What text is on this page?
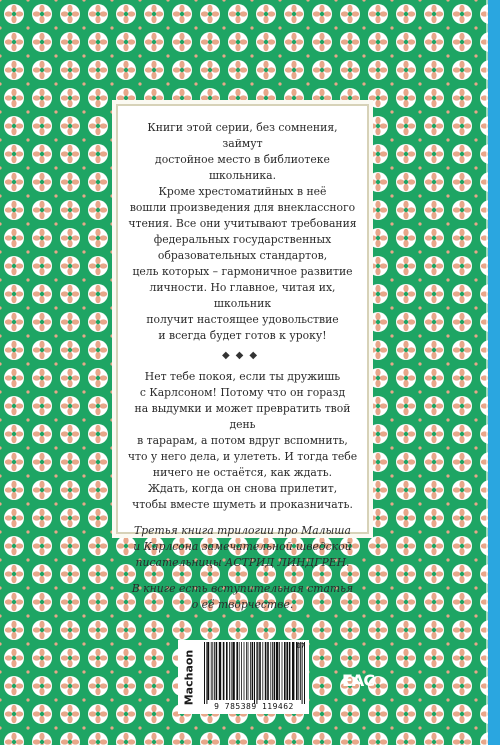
Книги этой серии, без сомнения, займут
достойное место в библиотеке школьника.
Кроме хрестоматийных в неё
вошли произведения для внеклассного
чтения. Все они учитывают требования
федеральных государственных
образовательных стандартов,
цель которых – гармоничное развитие
личности. Но главное, читая их, школьник
получит настоящее удовольствие
и всегда будет готов к уроку!

◆◆◆

Нет тебе покоя, если ты дружишь
с Карлсоном! Потому что он горазд
на выдумки и может превратить твой день
в тарарам, а потом вдруг вспомнить,
что у него дела, и улететь. И тогда тебе
ничего не остаётся, как ждать.
Ждать, когда он снова прилетит,
чтобы вместе шуметь и проказничать.

Третья книга трилогии про Малыша
и Карлсона замечательной шведской
писательницы АСТРИД ЛИНДГРЕН.

В книге есть вступительная статья
о её творчестве.

Machaon
07
9 785389 119462
ЕАС
